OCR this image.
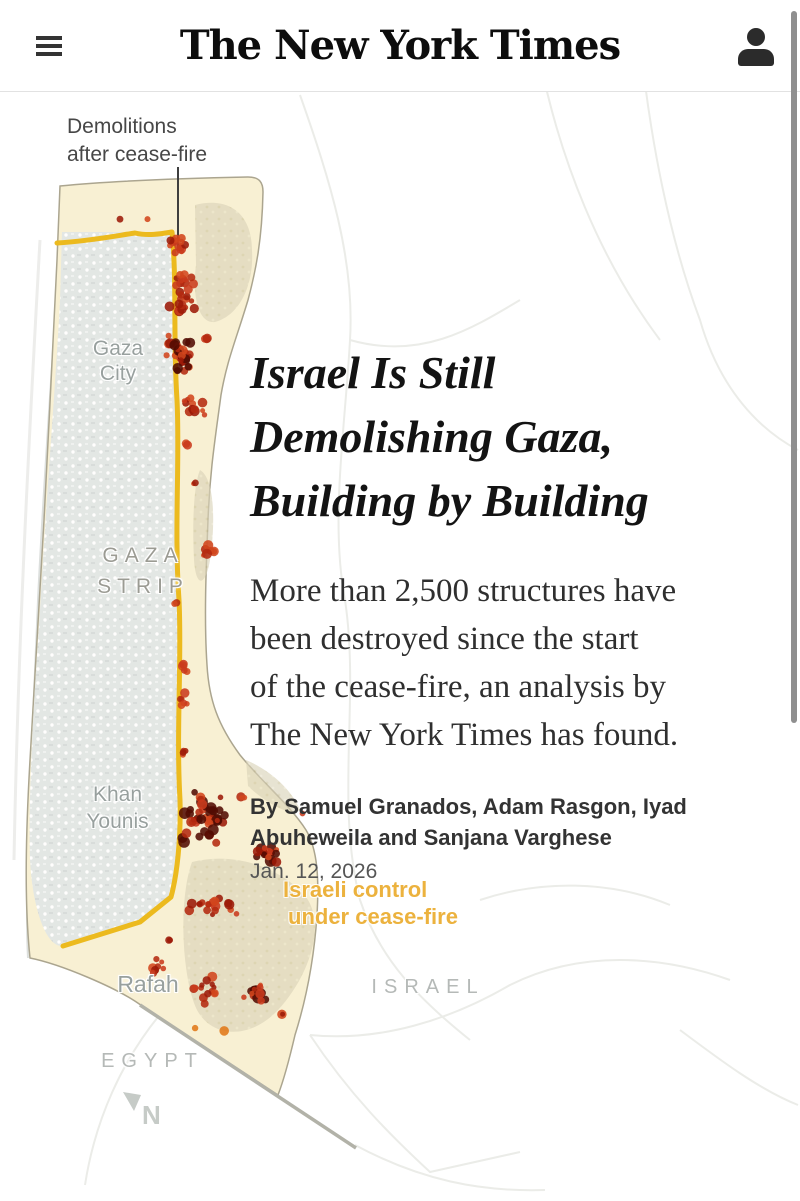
Demolitions
after cease-fire
Gaza
City
GAZA
STRIP
Khan
Younis
Rafah	ISRAEL
EGYPT
N
Israeli control
under cease-fire
Israel Is Still
Demolishing Gaza,
Building by Building
More than 2,500 structures have
been destroyed since the start
of the cease-fire, an analysis by
The New York Times has found.
By Samuel Granados, Adam Rasgon, Iyad
Abuheweila and Sanjana Varghese
Jan. 12, 2026
The New York Times
